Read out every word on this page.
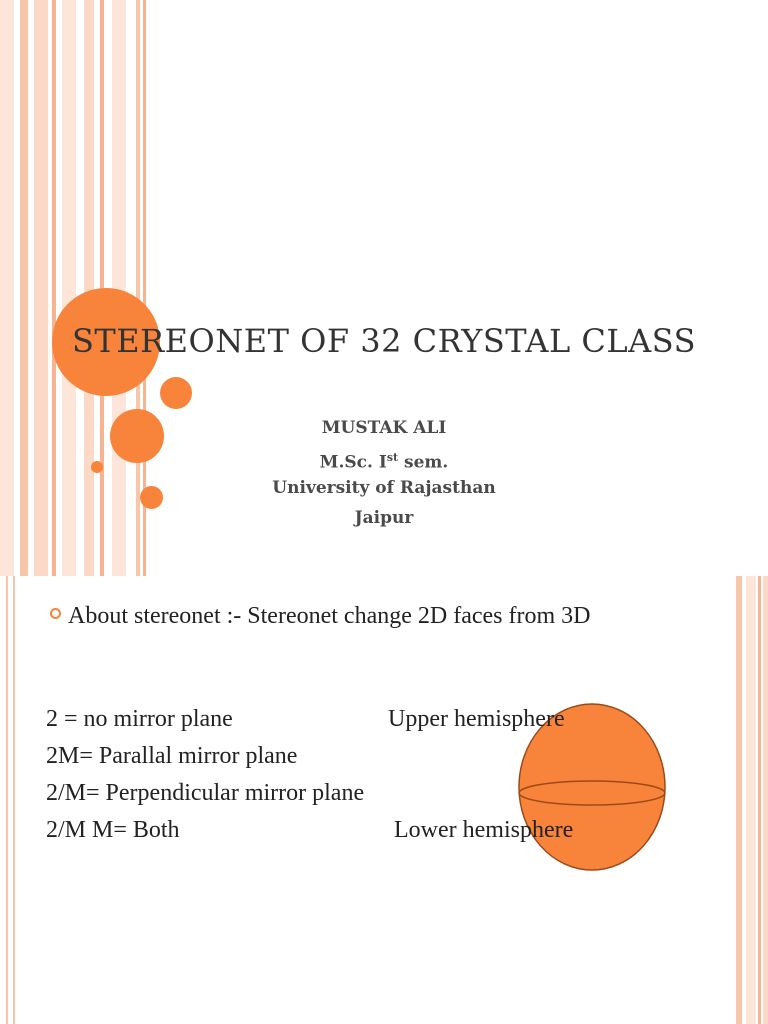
STEREONET OF 32 CRYSTAL CLASS
MUSTAK ALI
M.Sc. Ist sem.
University of Rajasthan
Jaipur
About stereonet :- Stereonet change 2D faces from 3D
2 = no mirror plane
2M= Parallal mirror plane
2/M= Perpendicular mirror plane
2/M M= Both
Upper hemisphere
Lower hemisphere
